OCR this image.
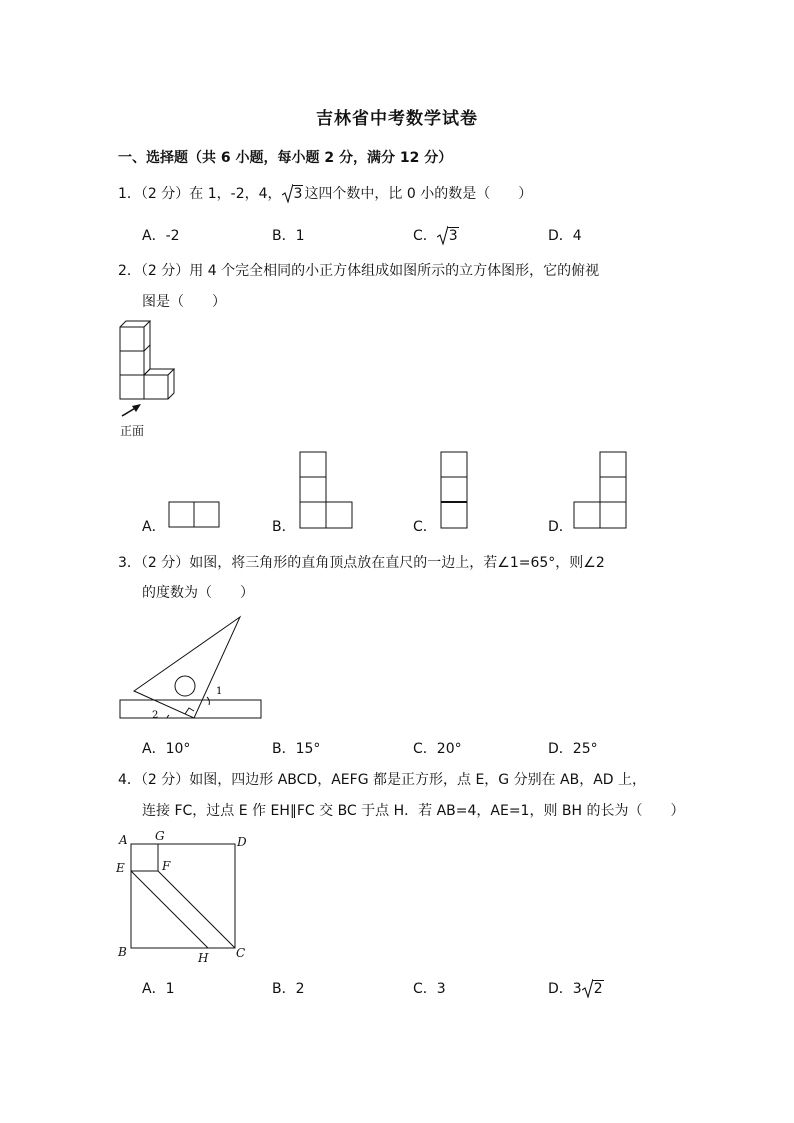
吉林省中考数学试卷
一、选择题（共 6 小题，每小题 2 分，满分 12 分）
1．（2 分）在 1，-2，4， 3 这四个数中，比 0 小的数是（　　）
A．-2	B．1	C． 3	D．4
2．（2 分）用 4 个完全相同的小正方体组成如图所示的立方体图形，它的俯视
图是（　　）
正面
A．	B．	C．	D．
3．（2 分）如图，将三角形的直角顶点放在直尺的一边上，若∠1=65°，则∠2
的度数为（　　）
1
2
A．10°	B．15°	C．20°	D．25°
4．（2 分）如图，四边形 ABCD，AEFG 都是正方形，点 E，G 分别在 AB，AD 上，
连接 FC，过点 E 作 EH∥FC 交 BC 于点 H．若 AB=4，AE=1，则 BH 的长为（　　）
A G	D
E	F
B	H C
A．1	B．2	C．3	D．3 2
